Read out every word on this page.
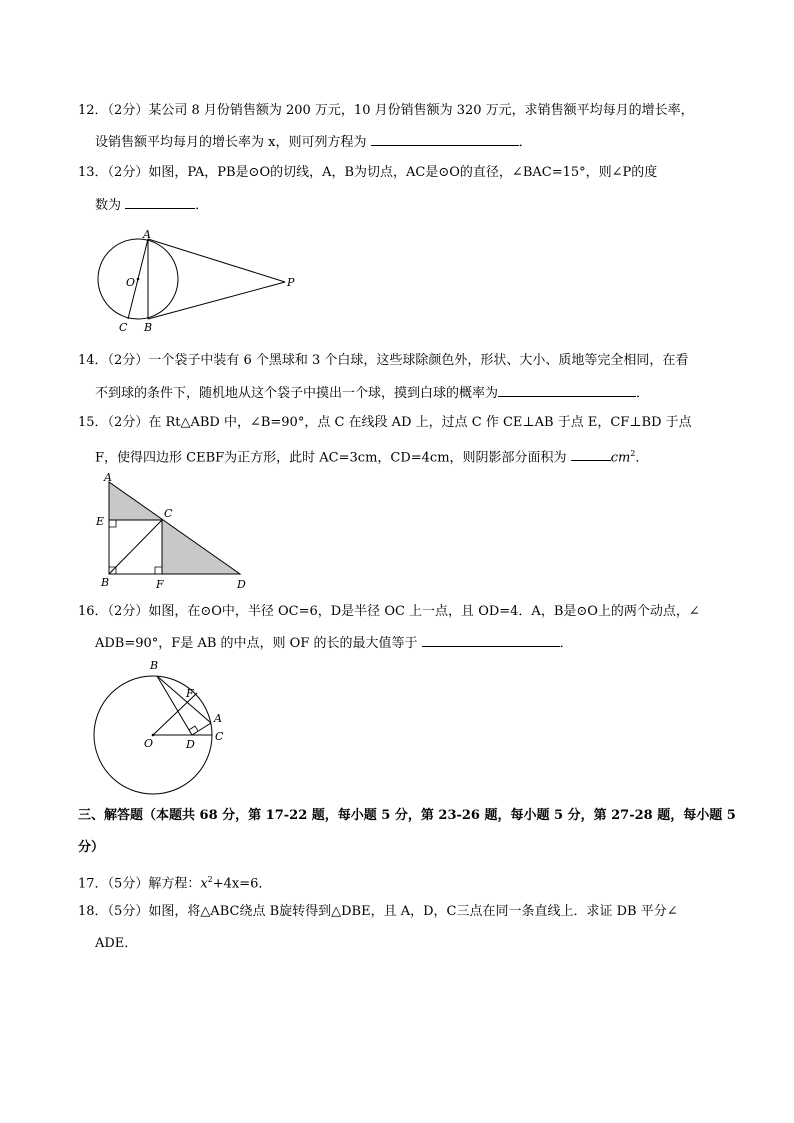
12．（2分）某公司 8 月份销售额为 200 万元，10 月份销售额为 320 万元，求销售额平均每月的增长率，
设销售额平均每月的增长率为 x，则可列方程为	．
13．（2分）如图，PA，PB是⊙O的切线，A，B为切点，AC是⊙O的直径，∠BAC=15°，则∠P的度
数为	．
A
O	P
C B
14．（2分）一个袋子中装有 6 个黑球和 3 个白球，这些球除颜色外，形状、大小、质地等完全相同，在看
不到球的条件下，随机地从这个袋子中摸出一个球，摸到白球的概率为	．
15．（2分）在 Rt△ABD 中，∠B=90°，点 C 在线段 AD 上，过点 C 作 CE⊥AB 于点 E，CF⊥BD 于点
F，使得四边形 CEBF为正方形，此时 AC=3cm，CD=4cm，则阴影部分面积为	$cm^2$．
A
E
C
B	F	D
16．（2分）如图，在⊙O中，半径 OC=6，D是半径 OC 上一点，且 OD=4．A，B是⊙O上的两个动点，∠
ADB=90°，F是 AB 的中点，则 OF 的长的最大值等于	．
B
F
A
O	D
C
三、解答题（本题共 68 分，第 17-22 题，每小题 5 分，第 23-26 题，每小题 5 分，第 27-28 题，每小题 5
分）
17．（5分）解方程：$x^2+4x=6$．
18．（5分）如图，将△ABC绕点 B旋转得到△DBE，且 A，D，C三点在同一条直线上．求证 DB 平分∠
ADE．
